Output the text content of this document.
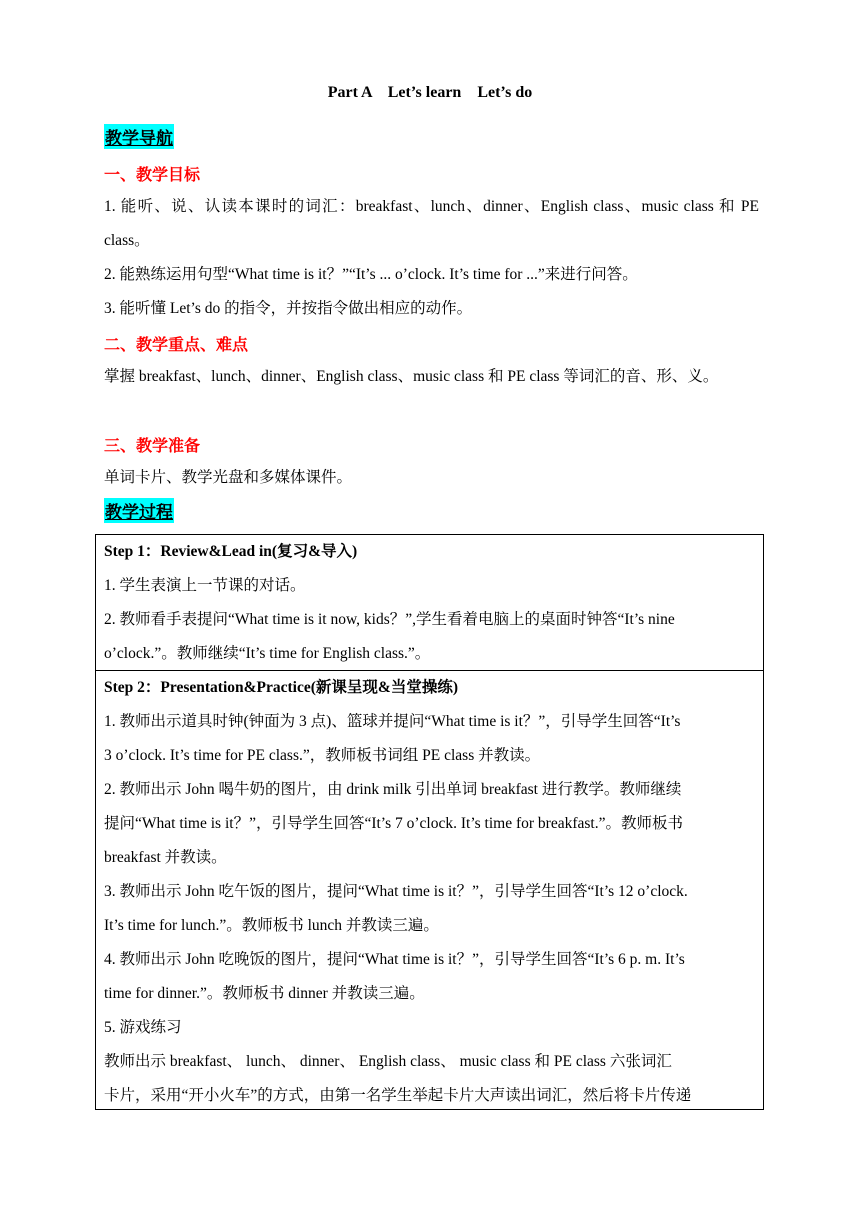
Part A    Let’s learn    Let’s do
教学导航
一、教学目标
1. 能听、说、认读本课时的词汇：breakfast、lunch、dinner、English class、music class 和 PE class。
2. 能熟练运用句型“What time is it？”“It’s ... o’clock. It’s time for ...”来进行问答。
3. 能听懂 Let’s do 的指令，并按指令做出相应的动作。
二、教学重点、难点
掌握 breakfast、lunch、dinner、English class、music class 和 PE class 等词汇的音、形、义。
三、教学准备
单词卡片、教学光盘和多媒体课件。
教学过程
Step 1：Review&Lead in(复习&导入)
1. 学生表演上一节课的对话。
2. 教师看手表提问“What time is it now, kids？”,学生看着电脑上的桌面时钟答“It’s nine
o’clock.”。教师继续“It’s time for English class.”。
Step 2：Presentation&Practice(新课呈现&当堂操练)
1. 教师出示道具时钟(钟面为 3 点)、篮球并提问“What time is it？”，引导学生回答“It’s
3 o’clock. It’s time for PE class.”，教师板书词组 PE class 并教读。
2. 教师出示 John 喝牛奶的图片，由 drink milk 引出单词 breakfast 进行教学。教师继续
提问“What time is it？”，引导学生回答“It’s 7 o’clock. It’s time for breakfast.”。教师板书
breakfast 并教读。
3. 教师出示 John 吃午饭的图片，提问“What time is it？”，引导学生回答“It’s 12 o’clock.
It’s time for lunch.”。教师板书 lunch 并教读三遍。
4. 教师出示 John 吃晚饭的图片，提问“What time is it？”，引导学生回答“It’s 6 p. m. It’s
time for dinner.”。教师板书 dinner 并教读三遍。
5. 游戏练习
教师出示 breakfast、 lunch、 dinner、 English class、 music class 和 PE class 六张词汇
卡片，采用“开小火车”的方式，由第一名学生举起卡片大声读出词汇，然后将卡片传递
